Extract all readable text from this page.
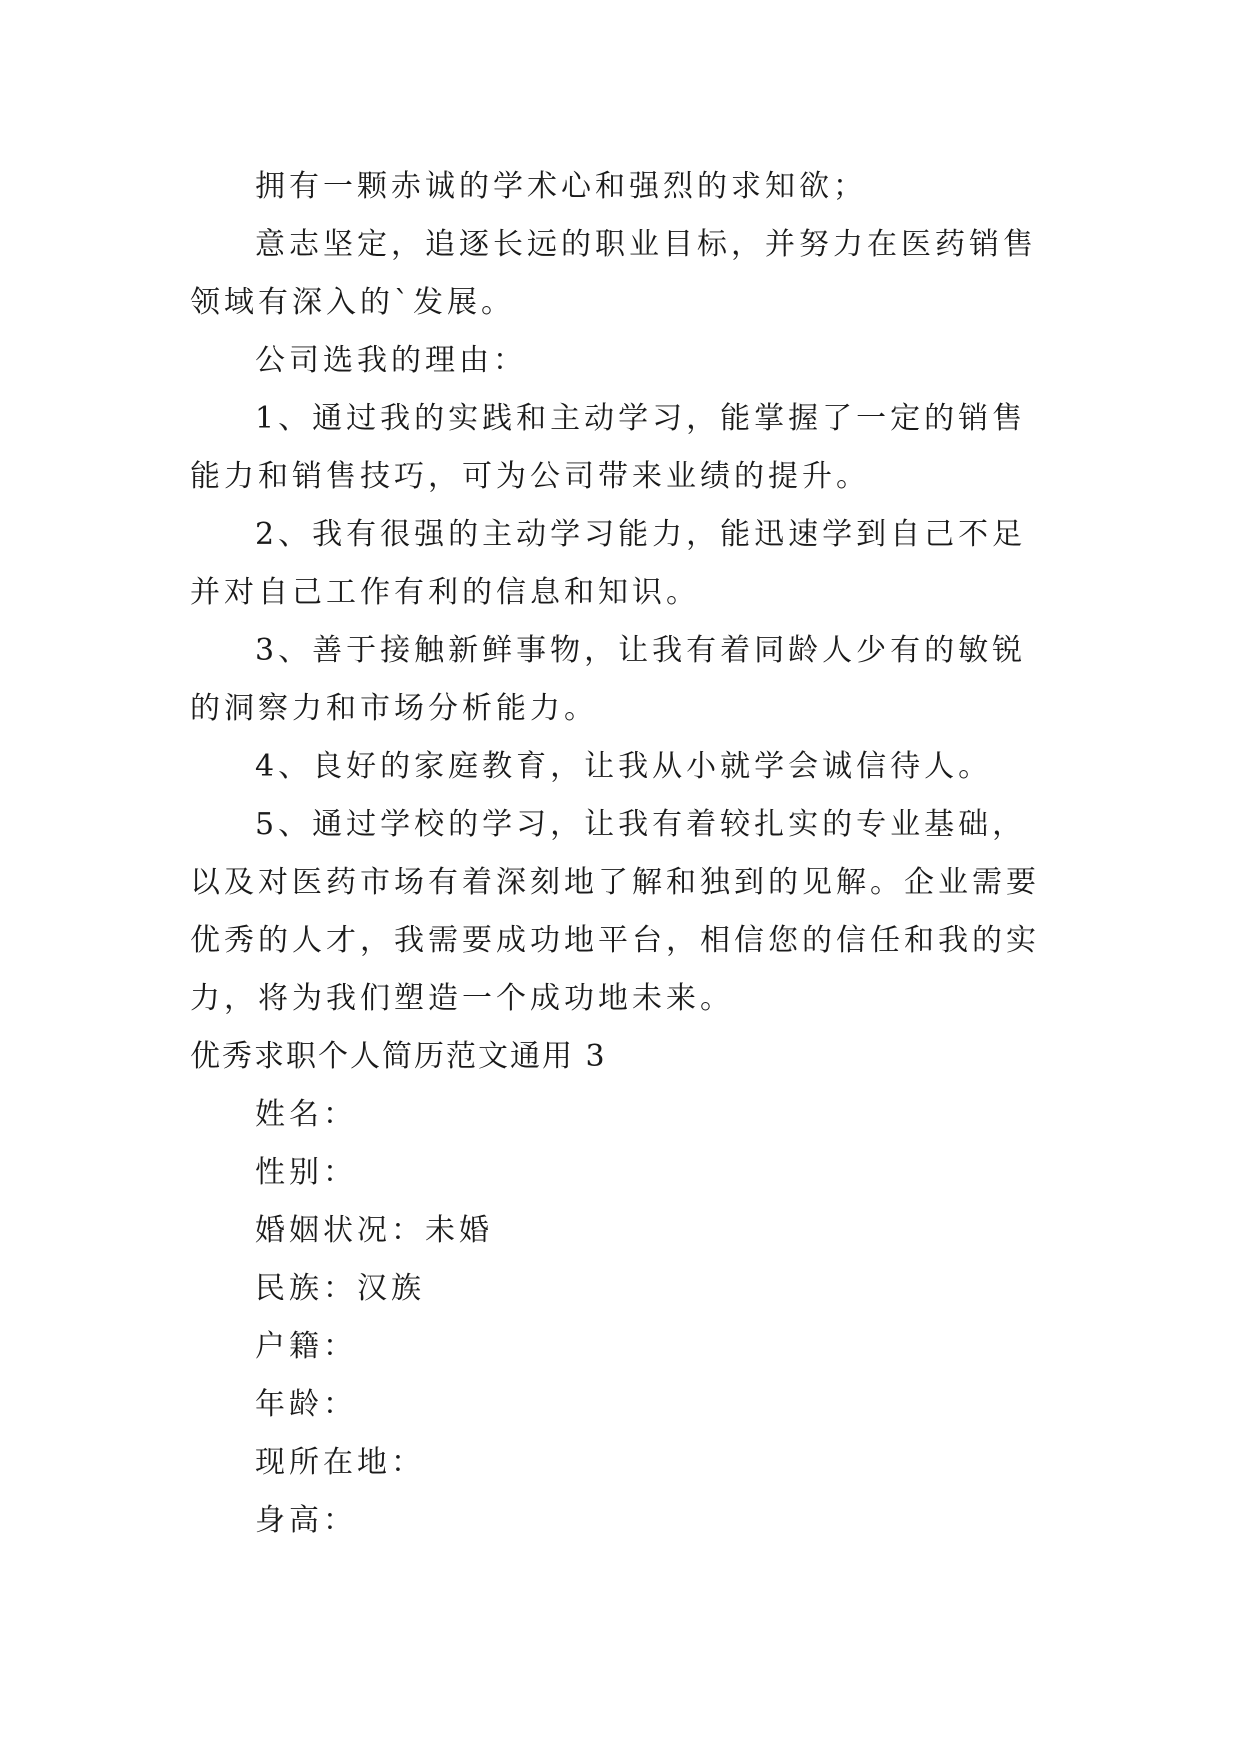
拥有一颗赤诚的学术心和强烈的求知欲；

意志坚定，追逐长远的职业目标，并努力在医药销售领域有深入的`发展。

公司选我的理由：

1、通过我的实践和主动学习，能掌握了一定的销售能力和销售技巧，可为公司带来业绩的提升。

2、我有很强的主动学习能力，能迅速学到自己不足并对自己工作有利的信息和知识。

3、善于接触新鲜事物，让我有着同龄人少有的敏锐的洞察力和市场分析能力。

4、良好的家庭教育，让我从小就学会诚信待人。

5、通过学校的学习，让我有着较扎实的专业基础，以及对医药市场有着深刻地了解和独到的见解。企业需要优秀的人才，我需要成功地平台，相信您的信任和我的实力，将为我们塑造一个成功地未来。

优秀求职个人简历范文通用 3

姓名：

性别：

婚姻状况：未婚

民族：汉族

户籍：

年龄：

现所在地：

身高：
